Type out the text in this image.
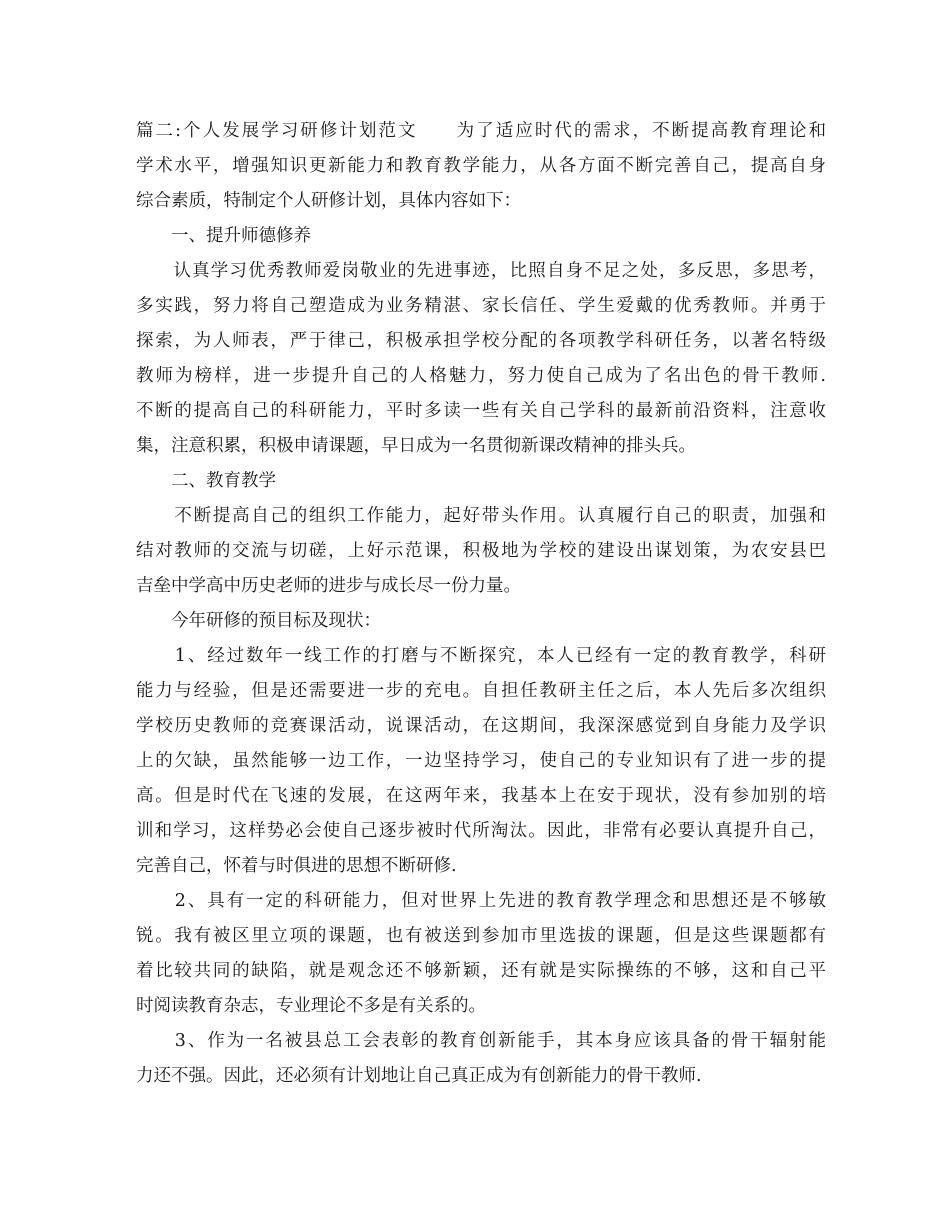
篇二:个人发展学习研修计划范文　　为了适应时代的需求，不断提高教育理论和
学术水平，增强知识更新能力和教育教学能力，从各方面不断完善自己，提高自身
综合素质，特制定个人研修计划，具体内容如下：
　　一、提升师德修养
　　认真学习优秀教师爱岗敬业的先进事迹，比照自身不足之处，多反思，多思考，
多实践，努力将自己塑造成为业务精湛、家长信任、学生爱戴的优秀教师。并勇于
探索，为人师表，严于律己，积极承担学校分配的各项教学科研任务，以著名特级
教师为榜样，进一步提升自己的人格魅力，努力使自己成为了名出色的骨干教师.
不断的提高自己的科研能力，平时多读一些有关自己学科的最新前沿资料，注意收
集，注意积累，积极申请课题，早日成为一名贯彻新课改精神的排头兵。
　　二、教育教学
　　不断提高自己的组织工作能力，起好带头作用。认真履行自己的职责，加强和
结对教师的交流与切磋，上好示范课，积极地为学校的建设出谋划策，为农安县巴
吉垒中学高中历史老师的进步与成长尽一份力量。
　　今年研修的预目标及现状：
　　1、经过数年一线工作的打磨与不断探究，本人已经有一定的教育教学，科研
能力与经验，但是还需要进一步的充电。自担任教研主任之后，本人先后多次组织
学校历史教师的竞赛课活动，说课活动，在这期间，我深深感觉到自身能力及学识
上的欠缺，虽然能够一边工作，一边坚持学习，使自己的专业知识有了进一步的提
高。但是时代在飞速的发展，在这两年来，我基本上在安于现状，没有参加别的培
训和学习，这样势必会使自己逐步被时代所淘汰。因此，非常有必要认真提升自己，
完善自己，怀着与时俱进的思想不断研修.
　　2、具有一定的科研能力，但对世界上先进的教育教学理念和思想还是不够敏
锐。我有被区里立项的课题，也有被送到参加市里选拔的课题，但是这些课题都有
着比较共同的缺陷，就是观念还不够新颖，还有就是实际操练的不够，这和自己平
时阅读教育杂志，专业理论不多是有关系的。
　　3、作为一名被县总工会表彰的教育创新能手，其本身应该具备的骨干辐射能
力还不强。因此，还必须有计划地让自己真正成为有创新能力的骨干教师.
